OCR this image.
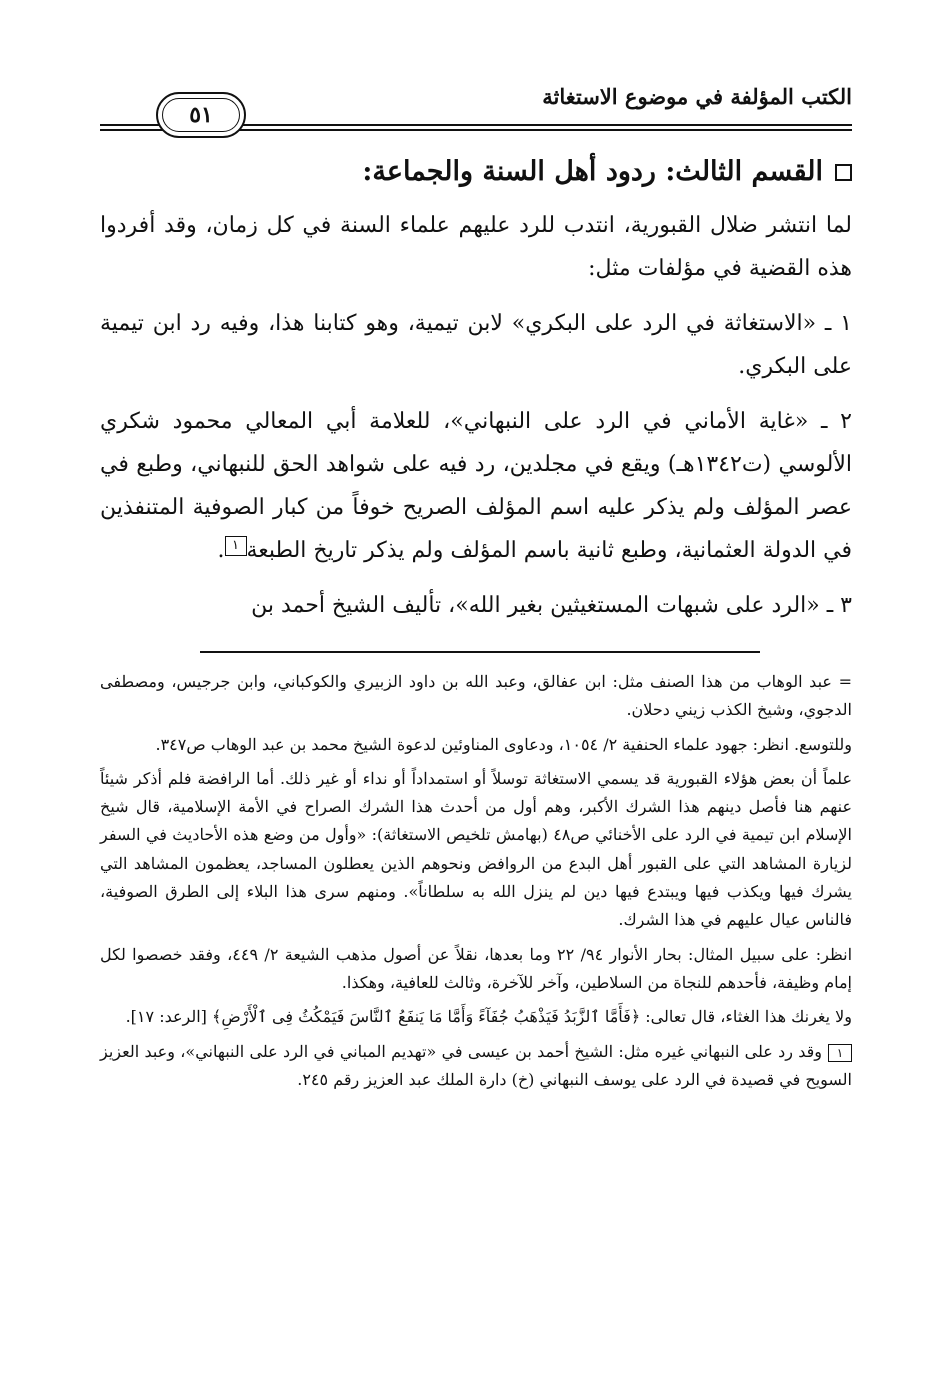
الكتب المؤلفة في موضوع الاستغاثة
٥١
القسم الثالث: ردود أهل السنة والجماعة:

لما انتشر ضلال القبورية، انتدب للرد عليهم علماء السنة في كل زمان، وقد أفردوا هذه القضية في مؤلفات مثل:

١ ـ «الاستغاثة في الرد على البكري» لابن تيمية، وهو كتابنا هذا، وفيه رد ابن تيمية على البكري.

٢ ـ «غاية الأماني في الرد على النبهاني»، للعلامة أبي المعالي محمود شكري الألوسي (ت١٣٤٢هـ) ويقع في مجلدين، رد فيه على شواهد الحق للنبهاني، وطبع في عصر المؤلف ولم يذكر عليه اسم المؤلف الصريح خوفاً من كبار الصوفية المتنفذين في الدولة العثمانية، وطبع ثانية باسم المؤلف ولم يذكر تاريخ الطبعة١.

٣ ـ «الرد على شبهات المستغيثين بغير الله»، تأليف الشيخ أحمد بن

= عبد الوهاب من هذا الصنف مثل: ابن عفالق، وعبد الله بن داود الزبيري والكوكباني، وابن جرجيس، ومصطفى الدجوي، وشيخ الكذب زيني دحلان.

وللتوسع. انظر: جهود علماء الحنفية ٢/ ١٠٥٤، ودعاوى المناوئين لدعوة الشيخ محمد بن عبد الوهاب ص٣٤٧.

علماً أن بعض هؤلاء القبورية قد يسمي الاستغاثة توسلاً أو استمداداً أو نداء أو غير ذلك. أما الرافضة فلم أذكر شيئاً عنهم هنا فأصل دينهم هذا الشرك الأكبر، وهم أول من أحدث هذا الشرك الصراح في الأمة الإسلامية، قال شيخ الإسلام ابن تيمية في الرد على الأخنائي ص٤٨ (بهامش تلخيص الاستغاثة): «وأول من وضع هذه الأحاديث في السفر لزيارة المشاهد التي على القبور أهل البدع من الروافض ونحوهم الذين يعطلون المساجد، يعظمون المشاهد التي يشرك فيها ويكذب فيها ويبتدع فيها دين لم ينزل الله به سلطاناً». ومنهم سرى هذا البلاء إلى الطرق الصوفية، فالناس عيال عليهم في هذا الشرك.

انظر: على سبيل المثال: بحار الأنوار ٩٤/ ٢٢ وما بعدها، نقلاً عن أصول مذهب الشيعة ٢/ ٤٤٩، وفقد خصصوا لكل إمام وظيفة، فأحدهم للنجاة من السلاطين، وآخر للآخرة، وثالث للعافية، وهكذا.

ولا يغرنك هذا الغثاء، قال تعالى: ﴿فَأَمَّا ٱلزَّبَدُ فَيَذْهَبُ جُفَآءً وَأَمَّا مَا يَنفَعُ ٱلنَّاسَ فَيَمْكُثُ فِى ٱلْأَرْضِ﴾ [الرعد: ١٧].

١وقد رد على النبهاني غيره مثل: الشيخ أحمد بن عيسى في «تهديم المباني في الرد على النبهاني»، وعبد العزيز السويح في قصيدة في الرد على يوسف النبهاني (خ) دارة الملك عبد العزيز رقم ٢٤٥.
